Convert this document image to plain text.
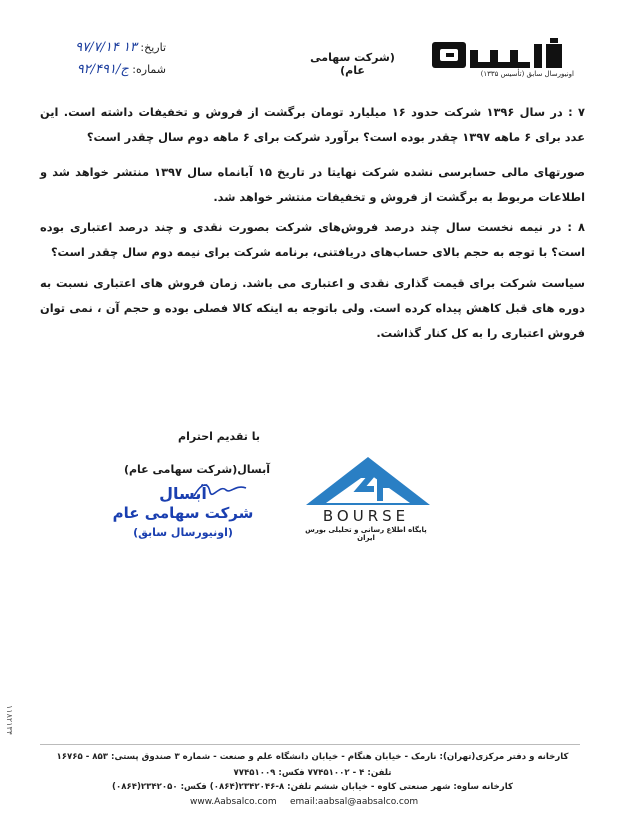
تاریخ: ۱۳ ۹۷/۷/۱۴
شماره: ج/۹۲/۴۹۱
(شرکت سهامی عام)	اونیورسال سابق (تأسیس ۱۳۳۵)
۷ : در سال ۱۳۹۶ شرکت حدود ۱۶ میلیارد تومان برگشت از فروش و تخفیفات داشته است. این عدد برای ۶ ماهه ۱۳۹۷ چقدر بوده است؟ برآورد شرکت برای ۶ ماهه دوم سال چقدر است؟
صورتهای مالی حسابرسی نشده شرکت نهایتا در تاریخ ۱۵ آبانماه سال ۱۳۹۷ منتشر خواهد شد و اطلاعات مربوط به برگشت از فروش و تخفیفات منتشر خواهد شد.
۸ : در نیمه نخست سال چند درصد فروش‌های شرکت بصورت نقدی و چند درصد اعتباری بوده است؟ با توجه به حجم بالای حساب‌های دریافتنی، برنامه شرکت برای نیمه دوم سال چقدر است؟
سیاست شرکت برای قیمت گذاری نقدی و اعتباری می باشد. زمان فروش های اعتباری نسبت به دوره های قبل کاهش پیداه کرده است. ولی باتوجه به اینکه کالا فصلی بوده و حجم آن ، نمی توان فروش اعتباری را به کل کنار گذاشت.
با تقدیم احترام
آبسال(شرکت سهامی عام)
آبسال
شرکت سهامی عام
(اونیورسال سابق)
BOURSE
پایگاه اطلاع رسانی و تحلیلی بورس ایران
۱۱۸۲۱۳۴
کارخانه و دفتر مرکزی(تهران): نارمک - خیابان هنگام - خیابان دانشگاه علم و صنعت - شماره ۳ صندوق پستی: ۸۵۳ - ۱۶۷۶۵
تلفن: ۴ - ۷۷۴۵۱۰۰۲ فکس: ۷۷۴۵۱۰۰۹
کارخانه ساوه: شهر صنعتی کاوه - خیابان ششم تلفن: ۸-۲۳۴۲۰۴۶(۰۸۶۴) فکس: ۲۳۴۲۰۵۰(۰۸۶۴)
www.Aabsalco.com email:aabsal@aabsalco.com
